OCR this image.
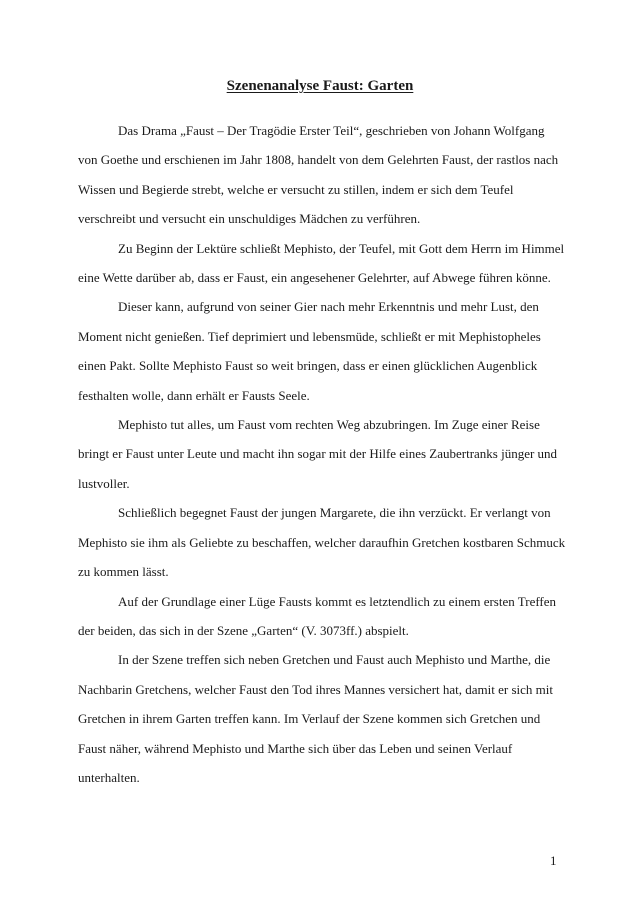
Szenenanalyse Faust: Garten

Das Drama „Faust – Der Tragödie Erster Teil“, geschrieben von Johann Wolfgang
von Goethe und erschienen im Jahr 1808, handelt von dem Gelehrten Faust, der rastlos nach
Wissen und Begierde strebt, welche er versucht zu stillen, indem er sich dem Teufel
verschreibt und versucht ein unschuldiges Mädchen zu verführen.

Zu Beginn der Lektüre schließt Mephisto, der Teufel, mit Gott dem Herrn im Himmel
eine Wette darüber ab, dass er Faust, ein angesehener Gelehrter, auf Abwege führen könne.

Dieser kann, aufgrund von seiner Gier nach mehr Erkenntnis und mehr Lust, den
Moment nicht genießen. Tief deprimiert und lebensmüde, schließt er mit Mephistopheles
einen Pakt. Sollte Mephisto Faust so weit bringen, dass er einen glücklichen Augenblick
festhalten wolle, dann erhält er Fausts Seele.

Mephisto tut alles, um Faust vom rechten Weg abzubringen. Im Zuge einer Reise
bringt er Faust unter Leute und macht ihn sogar mit der Hilfe eines Zaubertranks jünger und
lustvoller.

Schließlich begegnet Faust der jungen Margarete, die ihn verzückt. Er verlangt von
Mephisto sie ihm als Geliebte zu beschaffen, welcher daraufhin Gretchen kostbaren Schmuck
zu kommen lässt.

Auf der Grundlage einer Lüge Fausts kommt es letztendlich zu einem ersten Treffen
der beiden, das sich in der Szene „Garten“ (V. 3073ff.) abspielt.

In der Szene treffen sich neben Gretchen und Faust auch Mephisto und Marthe, die
Nachbarin Gretchens, welcher Faust den Tod ihres Mannes versichert hat, damit er sich mit
Gretchen in ihrem Garten treffen kann. Im Verlauf der Szene kommen sich Gretchen und
Faust näher, während Mephisto und Marthe sich über das Leben und seinen Verlauf
unterhalten.

1
